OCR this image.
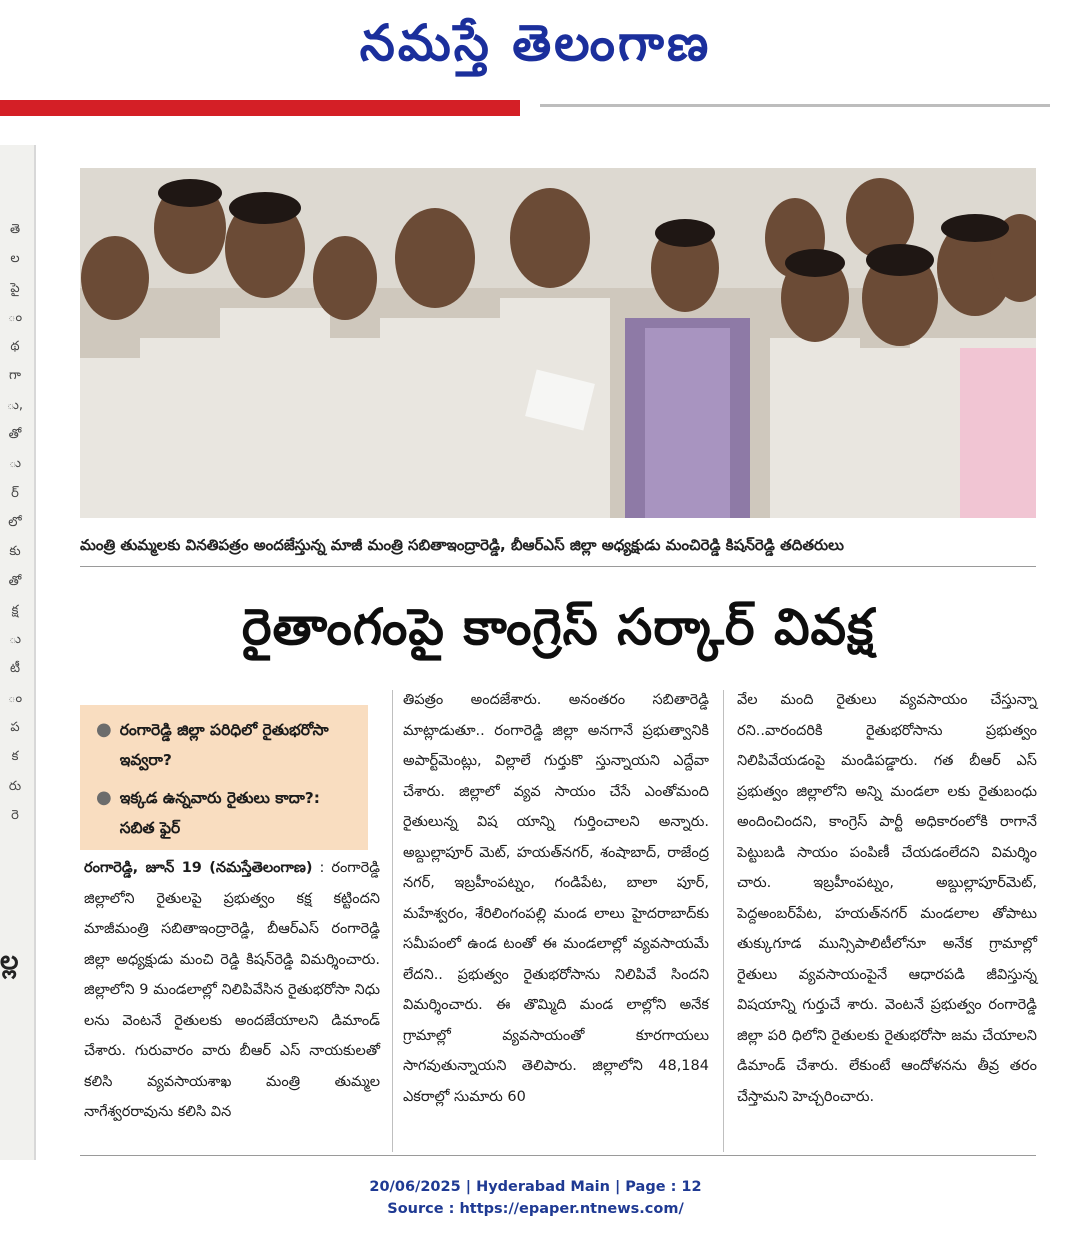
నమస్తే తెలంగాణ
తె
ల
పై
ం
థ
గా
ు,
తో
ు
ర్
లో
కు
తో
క్ష
ు
టీ
ం
ప
క
రు
రె
ల్ల
మంత్రి తుమ్మలకు వినతిపత్రం అందజేస్తున్న మాజీ మంత్రి సబితాఇంద్రారెడ్డి, బీఆర్ఎస్ జిల్లా అధ్యక్షుడు మంచిరెడ్డి కిషన్‌రెడ్డి తదితరులు
రైతాంగంపై కాంగ్రెస్ సర్కార్ వివక్ష
● రంగారెడ్డి జిల్లా పరిధిలో రైతుభరోసా ఇవ్వరా?
● ఇక్కడ ఉన్నవారు రైతులు కాదా?: సబిత ఫైర్
రంగారెడ్డి, జూన్ 19 (నమస్తేతెలంగాణ) : రంగారెడ్డి జిల్లాలోని రైతులపై ప్రభుత్వం కక్ష కట్టిందని మాజీమంత్రి సబితాఇంద్రారెడ్డి, బీఆర్ఎస్ రంగారెడ్డి జిల్లా అధ్యక్షుడు మంచి రెడ్డి కిషన్‌రెడ్డి విమర్శించారు. జిల్లాలోని 9 మండలాల్లో నిలిపివేసిన రైతుభరోసా నిధు లను వెంటనే రైతులకు అందజేయాలని డిమాండ్ చేశారు. గురువారం వారు బీఆర్ ఎస్ నాయకులతో కలిసి వ్యవసాయశాఖ మంత్రి తుమ్మల నాగేశ్వరరావును కలిసి విన
తిపత్రం అందజేశారు. అనంతరం సబితారెడ్డి మాట్లాడుతూ.. రంగారెడ్డి జిల్లా అనగానే ప్రభుత్వానికి అపార్ట్‌మెంట్లు, విల్లాలే గుర్తుకొ స్తున్నాయని ఎద్దేవా చేశారు. జిల్లాలో వ్యవ సాయం చేసే ఎంతోమంది రైతులున్న విష యాన్ని గుర్తించాలని అన్నారు. అబ్దుల్లాపూర్ మెట్, హయత్‌నగర్, శంషాబాద్, రాజేంద్ర నగర్, ఇబ్రహీంపట్నం, గండిపేట, బాలా పూర్, మహేశ్వరం, శేరిలింగంపల్లి మండ లాలు హైదరాబాద్‌కు సమీపంలో ఉండ టంతో ఈ మండలాల్లో వ్యవసాయమే లేదని.. ప్రభుత్వం రైతుభరోసాను నిలిపివే సిందని విమర్శించారు. ఈ తొమ్మిది మండ లాల్లోని అనేక గ్రామాల్లో వ్యవసాయంతో కూరగాయలు సాగవుతున్నాయని తెలిపారు. జిల్లాలోని 48,184 ఎకరాల్లో సుమారు 60
వేల మంది రైతులు వ్యవసాయం చేస్తున్నా రని..వారందరికి రైతుభరోసాను ప్రభుత్వం నిలిపివేయడంపై మండిపడ్డారు. గత బీఆర్ ఎస్ ప్రభుత్వం జిల్లాలోని అన్ని మండలా లకు రైతుబంధు అందించిందని, కాంగ్రెస్ పార్టీ అధికారంలోకి రాగానే పెట్టుబడి సాయం పంపిణీ చేయడంలేదని విమర్శిం చారు. ఇబ్రహీంపట్నం, అబ్దుల్లాపూర్‌మెట్, పెద్దఅంబర్‌పేట, హయత్‌నగర్ మండలాల తోపాటు తుక్కుగూడ మున్సిపాలిటీలోనూ అనేక గ్రామాల్లో రైతులు వ్యవసాయంపైనే ఆధారపడి జీవిస్తున్న విషయాన్ని గుర్తుచే శారు. వెంటనే ప్రభుత్వం రంగారెడ్డి జిల్లా పరి ధిలోని రైతులకు రైతుభరోసా జమ చేయాలని డిమాండ్ చేశారు. లేకుంటే ఆందోళనను తీవ్ర తరం చేస్తామని హెచ్చరించారు.
20/06/2025 | Hyderabad Main | Page : 12
Source : https://epaper.ntnews.com/
